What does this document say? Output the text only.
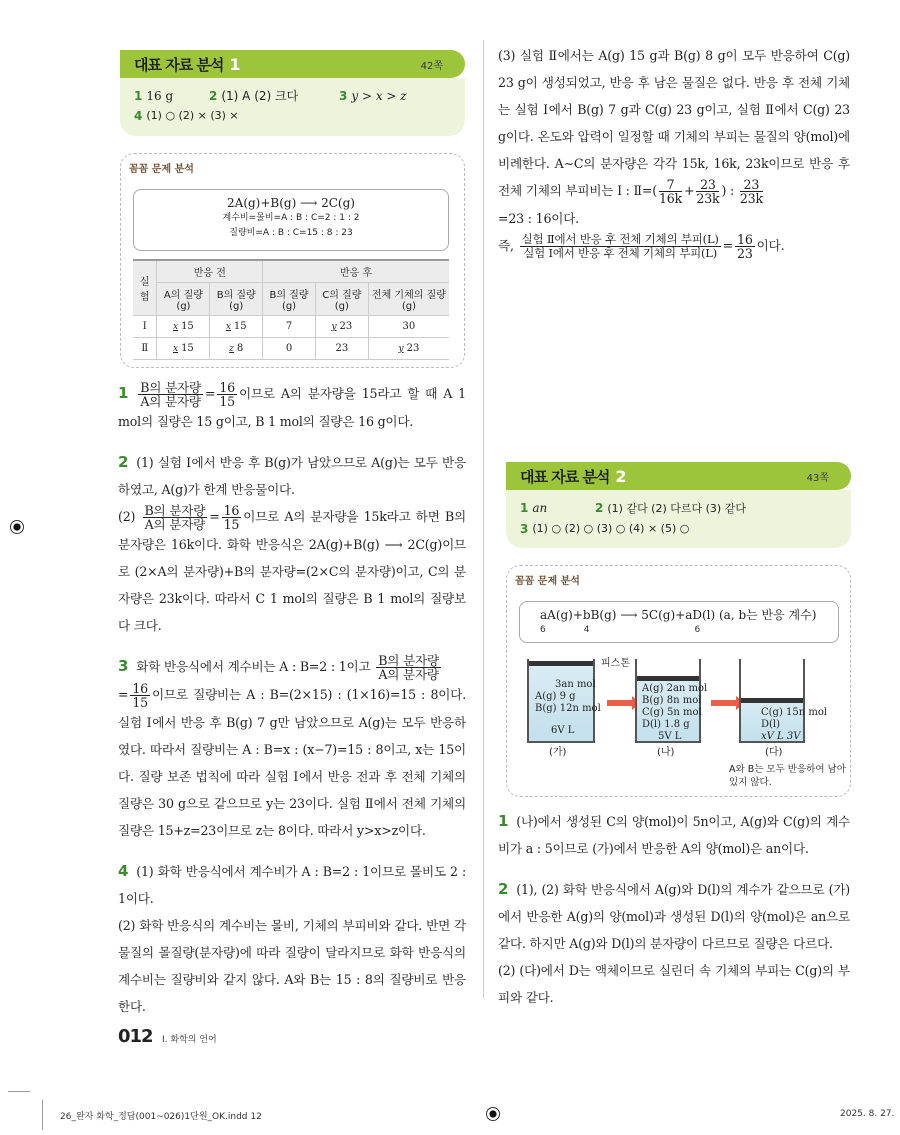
대표 자료 분석 1	42쪽
1 16 g	2 (1) A (2) 크다	3 y > x > z
4 (1) ○ (2) × (3) ×
꼼꼼 문제 분석
2A(g)+B(g) ⟶ 2C(g)
계수비=몰비=A : B : C=2 : 1 : 2
질량비=A : B : C=15 : 8 : 23
실험	반응 전		반응 후		
	A의 질량(g)	B의 질량(g)	B의 질량(g)	C의 질량(g)	전체 기체의 질량(g)
Ⅰ	x 15	x 15	7	y 23	30
Ⅱ	x 15	z 8	0	23	y 23

1 B의 분자량
A의 분자량
= $\frac{16}{15}$ 이므로 A의 분자량을 15라고 할 때 A 1 mol의 질량은 15 g이고, B 1 mol의 질량은 16 g이다.

2 (1) 실험 Ⅰ에서 반응 후 B(g)가 남았으므로 A(g)는 모두 반응하였고, A(g)가 한계 반응물이다.
(2) B의 분자량
A의 분자량
= $\frac{16}{15}$ 이므로 A의 분자량을 15k라고 하면 B의 분자량은 16k이다. 화학 반응식은 2A(g)+B(g) ⟶ 2C(g)이므로 (2×A의 분자량)+B의 분자량=(2×C의 분자량)이고, C의 분자량은 23k이다. 따라서 C 1 mol의 질량은 B 1 mol의 질량보다 크다.

3 화학 반응식에서 계수비는 A : B=2 : 1이고 B의 분자량
A의 분자량

= $\frac{16}{15}$ 이므로 질량비는 A : B=(2×15) : (1×16)=15 : 8이다. 실험 Ⅰ에서 반응 후 B(g) 7 g만 남았으므로 A(g)는 모두 반응하였다. 따라서 질량비는 A : B=x : (x−7)=15 : 8이고, x는 15이다. 질량 보존 법칙에 따라 실험 Ⅰ에서 반응 전과 후 전체 기체의 질량은 30 g으로 같으므로 y는 23이다. 실험 Ⅱ에서 전체 기체의 질량은 15+z=23이므로 z는 8이다. 따라서 y>x>z이다.

4 (1) 화학 반응식에서 계수비가 A : B=2 : 1이므로 몰비도 2 : 1이다.
(2) 화학 반응식의 계수비는 몰비, 기체의 부피비와 같다. 반면 각 물질의 몰질량(분자량)에 따라 질량이 달라지므로 화학 반응식의 계수비는 질량비와 같지 않다. A와 B는 15 : 8의 질량비로 반응한다.

(3) 실험 Ⅱ에서는 A(g) 15 g과 B(g) 8 g이 모두 반응하여 C(g) 23 g이 생성되었고, 반응 후 남은 물질은 없다. 반응 후 전체 기체는 실험 Ⅰ에서 B(g) 7 g과 C(g) 23 g이고, 실험 Ⅱ에서 C(g) 23 g이다. 온도와 압력이 일정할 때 기체의 부피는 물질의 양(mol)에 비례한다. A∼C의 분자량은 각각 15k, 16k, 23k이므로 반응 후 전체 기체의 부피비는 Ⅰ : Ⅱ=( $\frac{7}{16k} + \frac{23}{23k}$ ) : $\frac{23}{23k}$

=23 : 16이다.
즉, 실험 Ⅱ에서 반응 후 전체 기체의 부피(L)
실험 Ⅰ에서 반응 후 전체 기체의 부피$(L) = \frac{16}{23}$ 이다.

대표 자료 분석 2	43쪽
1 an	2 (1) 같다 (2) 다르다 (3) 같다
3 (1) ○ (2) ○ (3) ○ (4) × (5) ○
꼼꼼 문제 분석
aA(g)+bB(g) ⟶ 5C(g)+aD(l) (a, b는 반응 계수)
6	4	6
3an mol
A(g) 9 g
B(g) 12n mol
6V L
피스톤
(가)
A(g) 2an mol
B(g) 8n mol
C(g) 5n mol
D(l) 1.8 g
5V L
(나)
C(g) 15n mol
D(l)
xV L 3V
(다)
A와 B는 모두 반응하여 남아 있지 않다.

1 (나)에서 생성된 C의 양(mol)이 5n이고, A(g)와 C(g)의 계수비가 a : 5이므로 (가)에서 반응한 A의 양(mol)은 an이다.

2 (1), (2) 화학 반응식에서 A(g)와 D(l)의 계수가 같으므로 (가)에서 반응한 A(g)의 양(mol)과 생성된 D(l)의 양(mol)은 an으로 같다. 하지만 A(g)와 D(l)의 분자량이 다르므로 질량은 다르다.
(2) (다)에서 D는 액체이므로 실린더 속 기체의 부피는 C(g)의 부피와 같다.

012 Ⅰ. 화학의 언어
26_완자 화학_정답(001~026)1단원_OK.indd 12	2025. 8. 27.
